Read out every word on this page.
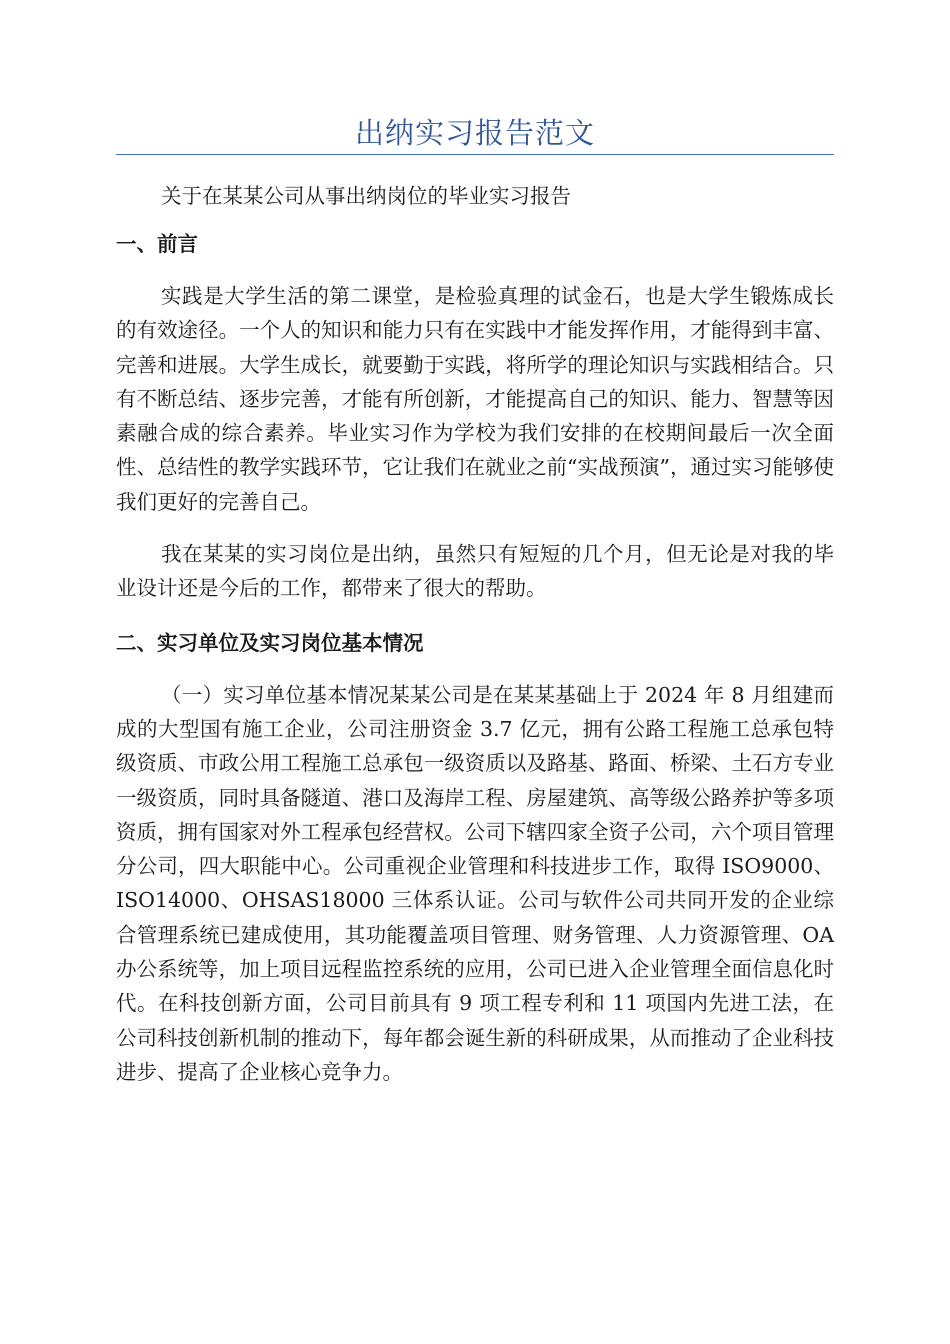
出纳实习报告范文
关于在某某公司从事出纳岗位的毕业实习报告
一、前言

实践是大学生活的第二课堂，是检验真理的试金石，也是大学生锻炼成长的有效途径。一个人的知识和能力只有在实践中才能发挥作用，才能得到丰富、完善和进展。大学生成长，就要勤于实践，将所学的理论知识与实践相结合。只有不断总结、逐步完善，才能有所创新，才能提高自己的知识、能力、智慧等因素融合成的综合素养。毕业实习作为学校为我们安排的在校期间最后一次全面性、总结性的教学实践环节，它让我们在就业之前“实战预演”，通过实习能够使我们更好的完善自己。

我在某某的实习岗位是出纳，虽然只有短短的几个月，但无论是对我的毕业设计还是今后的工作，都带来了很大的帮助。

二、实习单位及实习岗位基本情况

（一）实习单位基本情况某某公司是在某某基础上于 2024 年 8 月组建而成的大型国有施工企业，公司注册资金 3.7 亿元，拥有公路工程施工总承包特级资质、市政公用工程施工总承包一级资质以及路基、路面、桥梁、土石方专业一级资质，同时具备隧道、港口及海岸工程、房屋建筑、高等级公路养护等多项资质，拥有国家对外工程承包经营权。公司下辖四家全资子公司，六个项目管理分公司，四大职能中心。公司重视企业管理和科技进步工作，取得 ISO9000、ISO14000、OHSAS18000 三体系认证。公司与软件公司共同开发的企业综合管理系统已建成使用，其功能覆盖项目管理、财务管理、人力资源管理、OA 办公系统等，加上项目远程监控系统的应用，公司已进入企业管理全面信息化时代。在科技创新方面，公司目前具有 9 项工程专利和 11 项国内先进工法，在公司科技创新机制的推动下，每年都会诞生新的科研成果，从而推动了企业科技进步、提高了企业核心竞争力。
